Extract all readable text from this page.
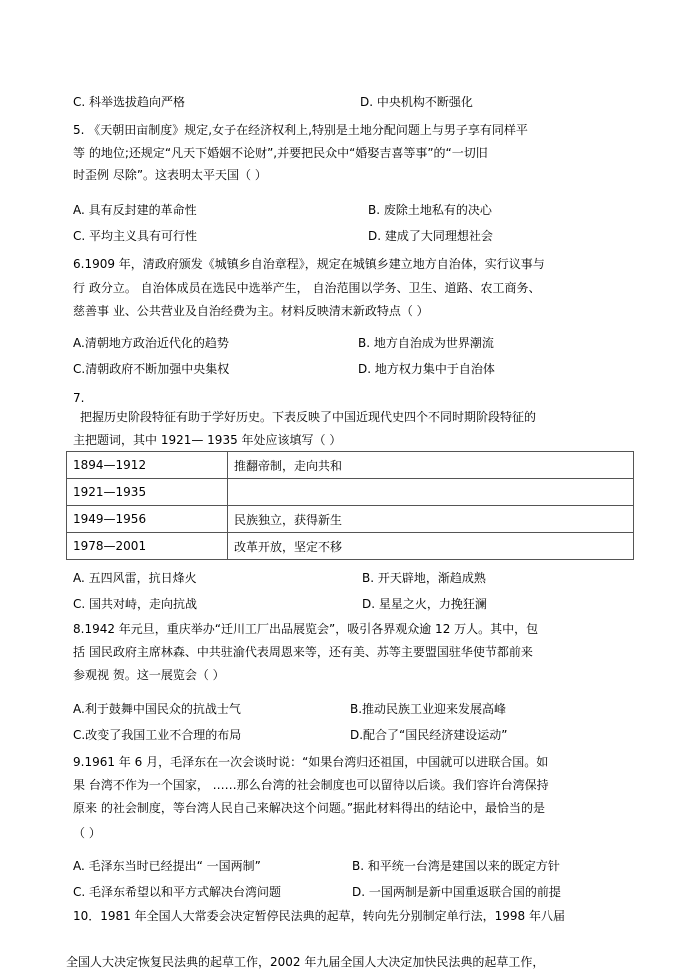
C. 科举选拔趋向严格	D. 中央机构不断强化
5. 《天朝田亩制度》规定,女子在经济权利上,特别是土地分配问题上与男子享有同样平
等 的地位;还规定“凡天下婚姻不论财”,并要把民众中“婚娶吉喜等事”的“一切旧
时歪例 尽除”。这表明太平天国（ ）
A. 具有反封建的革命性	B. 废除土地私有的决心
C. 平均主义具有可行性	D. 建成了大同理想社会
6.1909 年，清政府颁发《城镇乡自治章程》，规定在城镇乡建立地方自治体，实行议事与
行 政分立。 自治体成员在选民中选举产生， 自治范围以学务、卫生、道路、农工商务、
慈善事 业、公共营业及自治经费为主。材料反映清末新政特点（ ）
A.清朝地方政治近代化的趋势	B. 地方自治成为世界潮流
C.清朝政府不断加强中央集权	D. 地方权力集中于自治体
7.
把握历史阶段特征有助于学好历史。下表反映了中国近现代史四个不同时期阶段特征的
主把题词，其中 1921— 1935 年处应该填写（ ）
1894—1912	推翻帝制，走向共和
1921—1935	
1949—1956	民族独立，获得新生
1978—2001	改革开放，坚定不移
A. 五四风雷，抗日烽火	B. 开天辟地，渐趋成熟
C. 国共对峙，走向抗战	D. 星星之火，力挽狂澜
8.1942 年元旦，重庆举办“迁川工厂出品展览会”，吸引各界观众逾 12 万人。其中，包
括 国民政府主席林森、中共驻渝代表周恩来等，还有美、苏等主要盟国驻华使节都前来
参观视 贺。这一展览会（ ）
A.利于鼓舞中国民众的抗战士气	B.推动民族工业迎来发展高峰
C.改变了我国工业不合理的布局	D.配合了“国民经济建设运动”
9.1961 年 6 月，毛泽东在一次会谈时说：“如果台湾归还祖国，中国就可以进联合国。如
果 台湾不作为一个国家， ……那么台湾的社会制度也可以留待以后谈。我们容许台湾保持
原来 的社会制度，等台湾人民自己来解决这个问题。”据此材料得出的结论中，最恰当的是
（ ）
A. 毛泽东当时已经提出“ 一国两制”	B. 和平统一台湾是建国以来的既定方针
C. 毛泽东希望以和平方式解决台湾问题	D. 一国两制是新中国重返联合国的前提
10．1981 年全国人大常委会决定暂停民法典的起草，转向先分别制定单行法，1998 年八届
全国人大决定恢复民法典的起草工作，2002 年九届全国人大决定加快民法典的起草工作，
